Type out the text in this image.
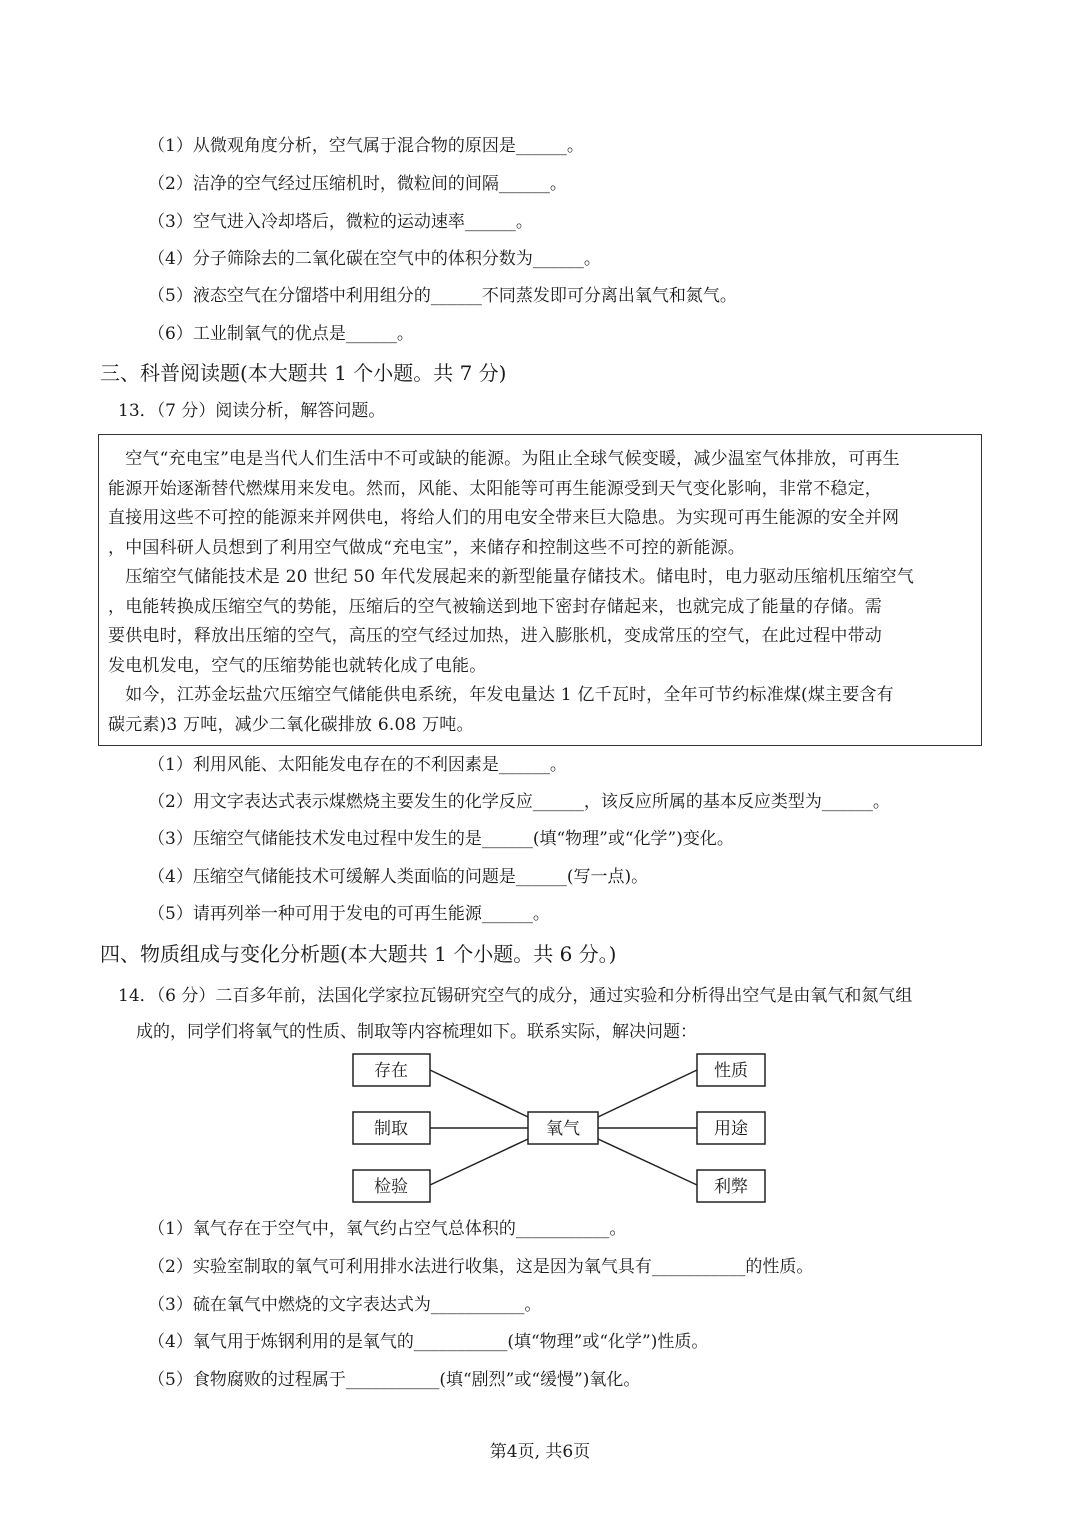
（1）从微观角度分析，空气属于混合物的原因是______。
（2）洁净的空气经过压缩机时，微粒间的间隔______。
（3）空气进入冷却塔后，微粒的运动速率______。
（4）分子筛除去的二氧化碳在空气中的体积分数为______。
（5）液态空气在分馏塔中利用组分的______不同蒸发即可分离出氧气和氮气。
（6）工业制氧气的优点是______。
三、科普阅读题(本大题共 1 个小题。共 7 分)
13．（7 分）阅读分析，解答问题。
　空气“充电宝”电是当代人们生活中不可或缺的能源。为阻止全球气候变暖，减少温室气体排放，可再生
能源开始逐渐替代燃煤用来发电。然而，风能、太阳能等可再生能源受到天气变化影响，非常不稳定，
直接用这些不可控的能源来并网供电，将给人们的用电安全带来巨大隐患。为实现可再生能源的安全并网
，中国科研人员想到了利用空气做成“充电宝”，来储存和控制这些不可控的新能源。
　压缩空气储能技术是 20 世纪 50 年代发展起来的新型能量存储技术。储电时，电力驱动压缩机压缩空气
，电能转换成压缩空气的势能，压缩后的空气被输送到地下密封存储起来，也就完成了能量的存储。需
要供电时，释放出压缩的空气，高压的空气经过加热，进入膨胀机，变成常压的空气，在此过程中带动
发电机发电，空气的压缩势能也就转化成了电能。
　如今，江苏金坛盐穴压缩空气储能供电系统，年发电量达 1 亿千瓦时，全年可节约标准煤(煤主要含有
碳元素)3 万吨，减少二氧化碳排放 6.08 万吨。
（1）利用风能、太阳能发电存在的不利因素是______。
（2）用文字表达式表示煤燃烧主要发生的化学反应______，该反应所属的基本反应类型为______。
（3）压缩空气储能技术发电过程中发生的是______(填“物理”或“化学”)变化。
（4）压缩空气储能技术可缓解人类面临的问题是______(写一点)。
（5）请再列举一种可用于发电的可再生能源______。
四、物质组成与变化分析题(本大题共 1 个小题。共 6 分。)
14．（6 分）二百多年前，法国化学家拉瓦锡研究空气的成分，通过实验和分析得出空气是由氧气和氮气组
成的，同学们将氧气的性质、制取等内容梳理如下。联系实际，解决问题：
存在
制取
检验
氧气
性质
用途
利弊
（1）氧气存在于空气中，氧气约占空气总体积的___________。
（2）实验室制取的氧气可利用排水法进行收集，这是因为氧气具有___________的性质。
（3）硫在氧气中燃烧的文字表达式为___________。
（4）氧气用于炼钢利用的是氧气的___________(填“物理”或“化学”)性质。
（5）食物腐败的过程属于___________(填“剧烈”或“缓慢”)氧化。
第4页, 共6页
